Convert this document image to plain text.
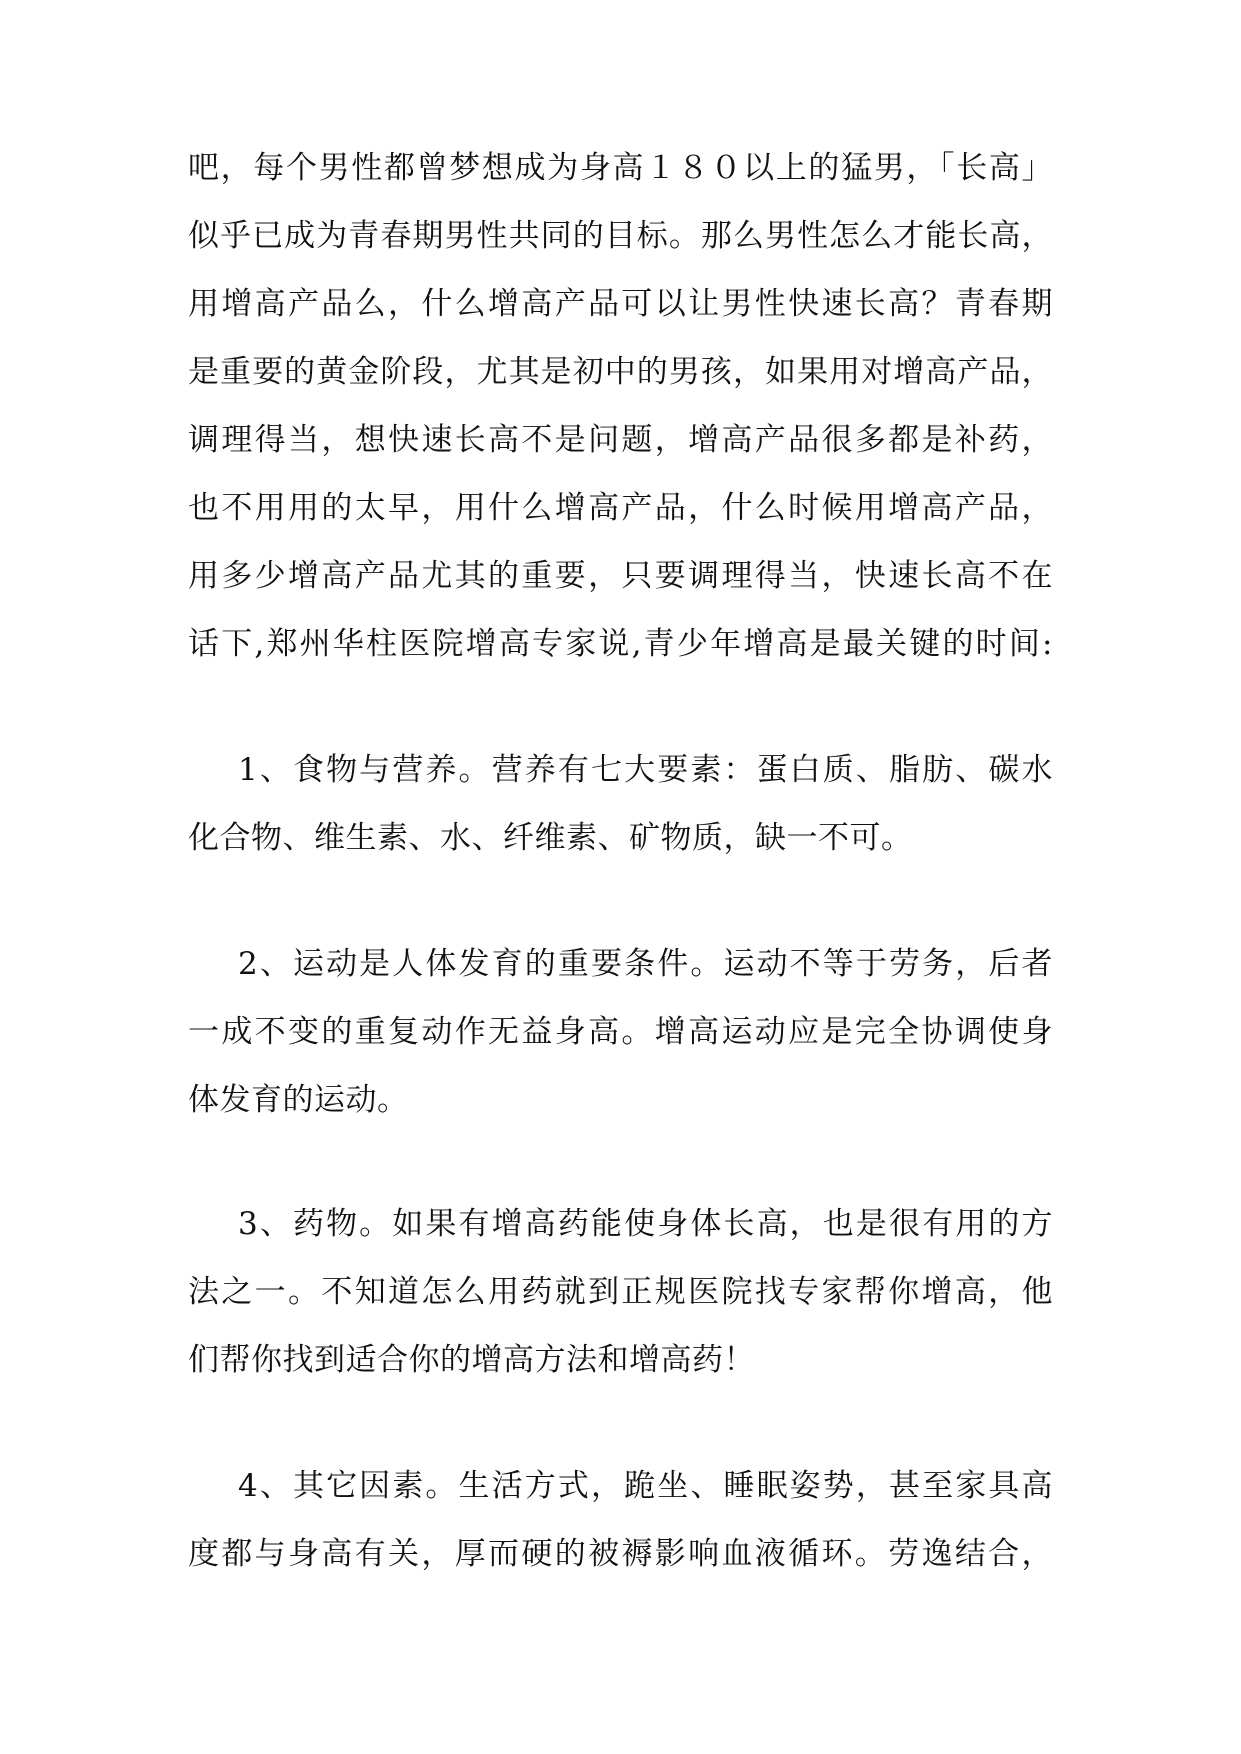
吧，每个男性都曾梦想成为身高１８０以上的猛男，「长高」
似乎已成为青春期男性共同的目标。那么男性怎么才能长高，
用增高产品么，什么增高产品可以让男性快速长高？青春期
是重要的黄金阶段，尤其是初中的男孩，如果用对增高产品，
调理得当，想快速长高不是问题，增高产品很多都是补药，
也不用用的太早，用什么增高产品，什么时候用增高产品，
用多少增高产品尤其的重要，只要调理得当，快速长高不在
话下,郑州华柱医院增高专家说,青少年增高是最关键的时间:
1、食物与营养。营养有七大要素：蛋白质、脂肪、碳水
化合物、维生素、水、纤维素、矿物质，缺一不可。
2、运动是人体发育的重要条件。运动不等于劳务，后者
一成不变的重复动作无益身高。增高运动应是完全协调使身
体发育的运动。
3、药物。如果有增高药能使身体长高，也是很有用的方
法之一。不知道怎么用药就到正规医院找专家帮你增高，他
们帮你找到适合你的增高方法和增高药！
4、其它因素。生活方式，跪坐、睡眠姿势，甚至家具高
度都与身高有关，厚而硬的被褥影响血液循环。劳逸结合，
